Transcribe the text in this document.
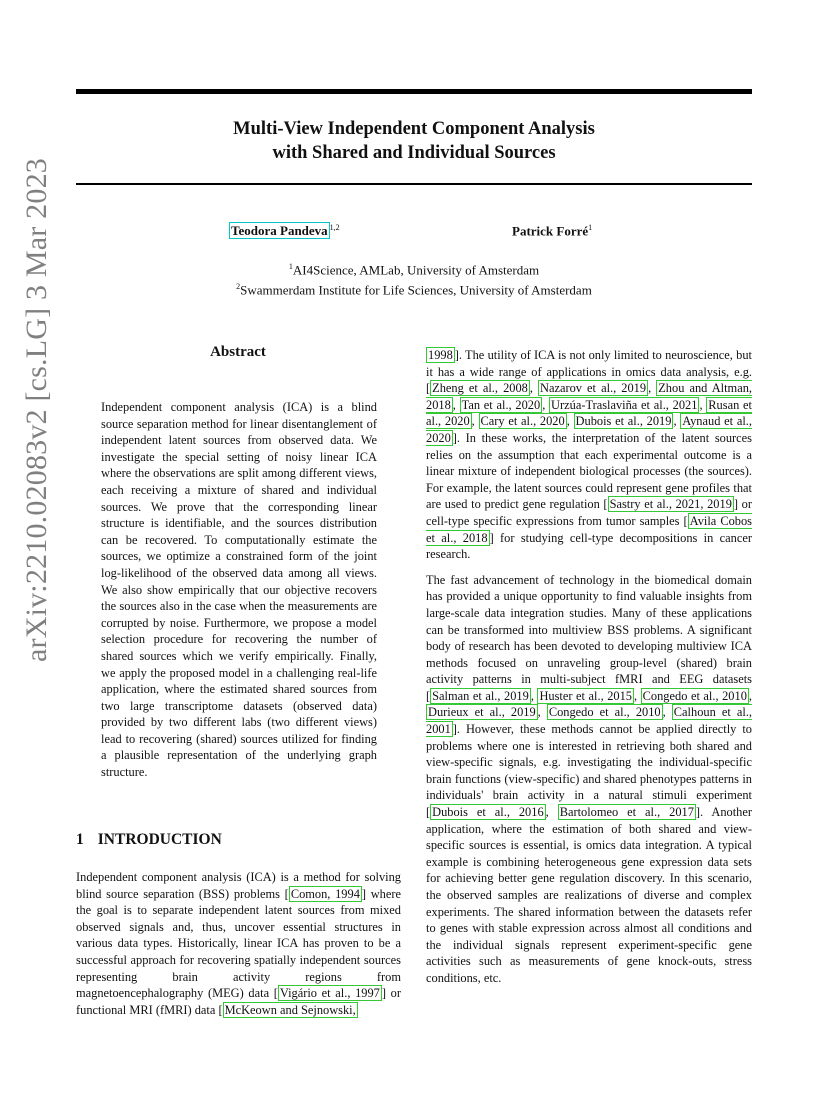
Multi-View Independent Component Analysis
with Shared and Individual Sources
Teodora Pandeva $^{1,2}$	Patrick Forré$^1$
$^1$AI4Science, AMLab, University of Amsterdam
$^2$Swammerdam Institute for Life Sciences, University of Amsterdam
arXiv:2210.02083v2 [cs.LG] 3 Mar 2023	Abstract

Independent component analysis (ICA) is a blind source separation method for linear disentanglement of independent latent sources from observed data. We investigate the special setting of noisy linear ICA where the observations are split among different views, each receiving a mixture of shared and individual sources. We prove that the corresponding linear structure is identifiable, and the sources distribution can be recovered. To computationally estimate the sources, we optimize a constrained form of the joint log-likelihood of the observed data among all views. We also show empirically that our objective recovers the sources also in the case when the measurements are corrupted by noise. Furthermore, we propose a model selection procedure for recovering the number of shared sources which we verify empirically. Finally, we apply the proposed model in a challenging real-life application, where the estimated shared sources from two large transcriptome datasets (observed data) provided by two different labs (two different views) lead to recovering (shared) sources utilized for finding a plausible representation of the underlying graph structure.

1 INTRODUCTION

Independent component analysis (ICA) is a method for solving blind source separation (BSS) problems [ Comon, 1994 ] where the goal is to separate independent latent sources from mixed observed signals and, thus, uncover essential structures in various data types. Historically, linear ICA has proven to be a successful approach for recovering spatially independent sources representing brain activity regions from magnetoencephalography (MEG) data [ Vigário et al., 1997 ] or functional MRI (fMRI) data [ McKeown and Sejnowski,

1998 ]. The utility of ICA is not only limited to neuroscience, but it has a wide range of applications in omics data analysis, e.g. [ Zheng et al., 2008 , Nazarov et al., 2019 , Zhou and Altman, 2018 , Tan et al., 2020 , Urzúa-Traslaviña et al., 2021 , Rusan et al., 2020 , Cary et al., 2020 , Dubois et al., 2019 , Aynaud et al., 2020 ]. In these works, the interpretation of the latent sources relies on the assumption that each experimental outcome is a linear mixture of independent biological processes (the sources). For example, the latent sources could represent gene profiles that are used to predict gene regulation [ Sastry et al., 2021, 2019 ] or cell-type specific expressions from tumor samples [ Avila Cobos et al., 2018 ] for studying cell-type decompositions in cancer research.

The fast advancement of technology in the biomedical domain has provided a unique opportunity to find valuable insights from large-scale data integration studies. Many of these applications can be transformed into multiview BSS problems. A significant body of research has been devoted to developing multiview ICA methods focused on unraveling group-level (shared) brain activity patterns in multi-subject fMRI and EEG datasets [ Salman et al., 2019 , Huster et al., 2015 , Congedo et al., 2010 , Durieux et al., 2019 , Congedo et al., 2010 , Calhoun et al., 2001 ]. However, these methods cannot be applied directly to problems where one is interested in retrieving both shared and view-specific signals, e.g. investigating the individual-specific brain functions (view-specific) and shared phenotypes patterns in individuals' brain activity in a natural stimuli experiment [ Dubois et al., 2016 , Bartolomeo et al., 2017 ]. Another application, where the estimation of both shared and view-specific sources is essential, is omics data integration. A typical example is combining heterogeneous gene expression data sets for achieving better gene regulation discovery. In this scenario, the observed samples are realizations of diverse and complex experiments. The shared information between the datasets refer to genes with stable expression across almost all conditions and the individual signals represent experiment-specific gene activities such as measurements of gene knock-outs, stress conditions, etc.
